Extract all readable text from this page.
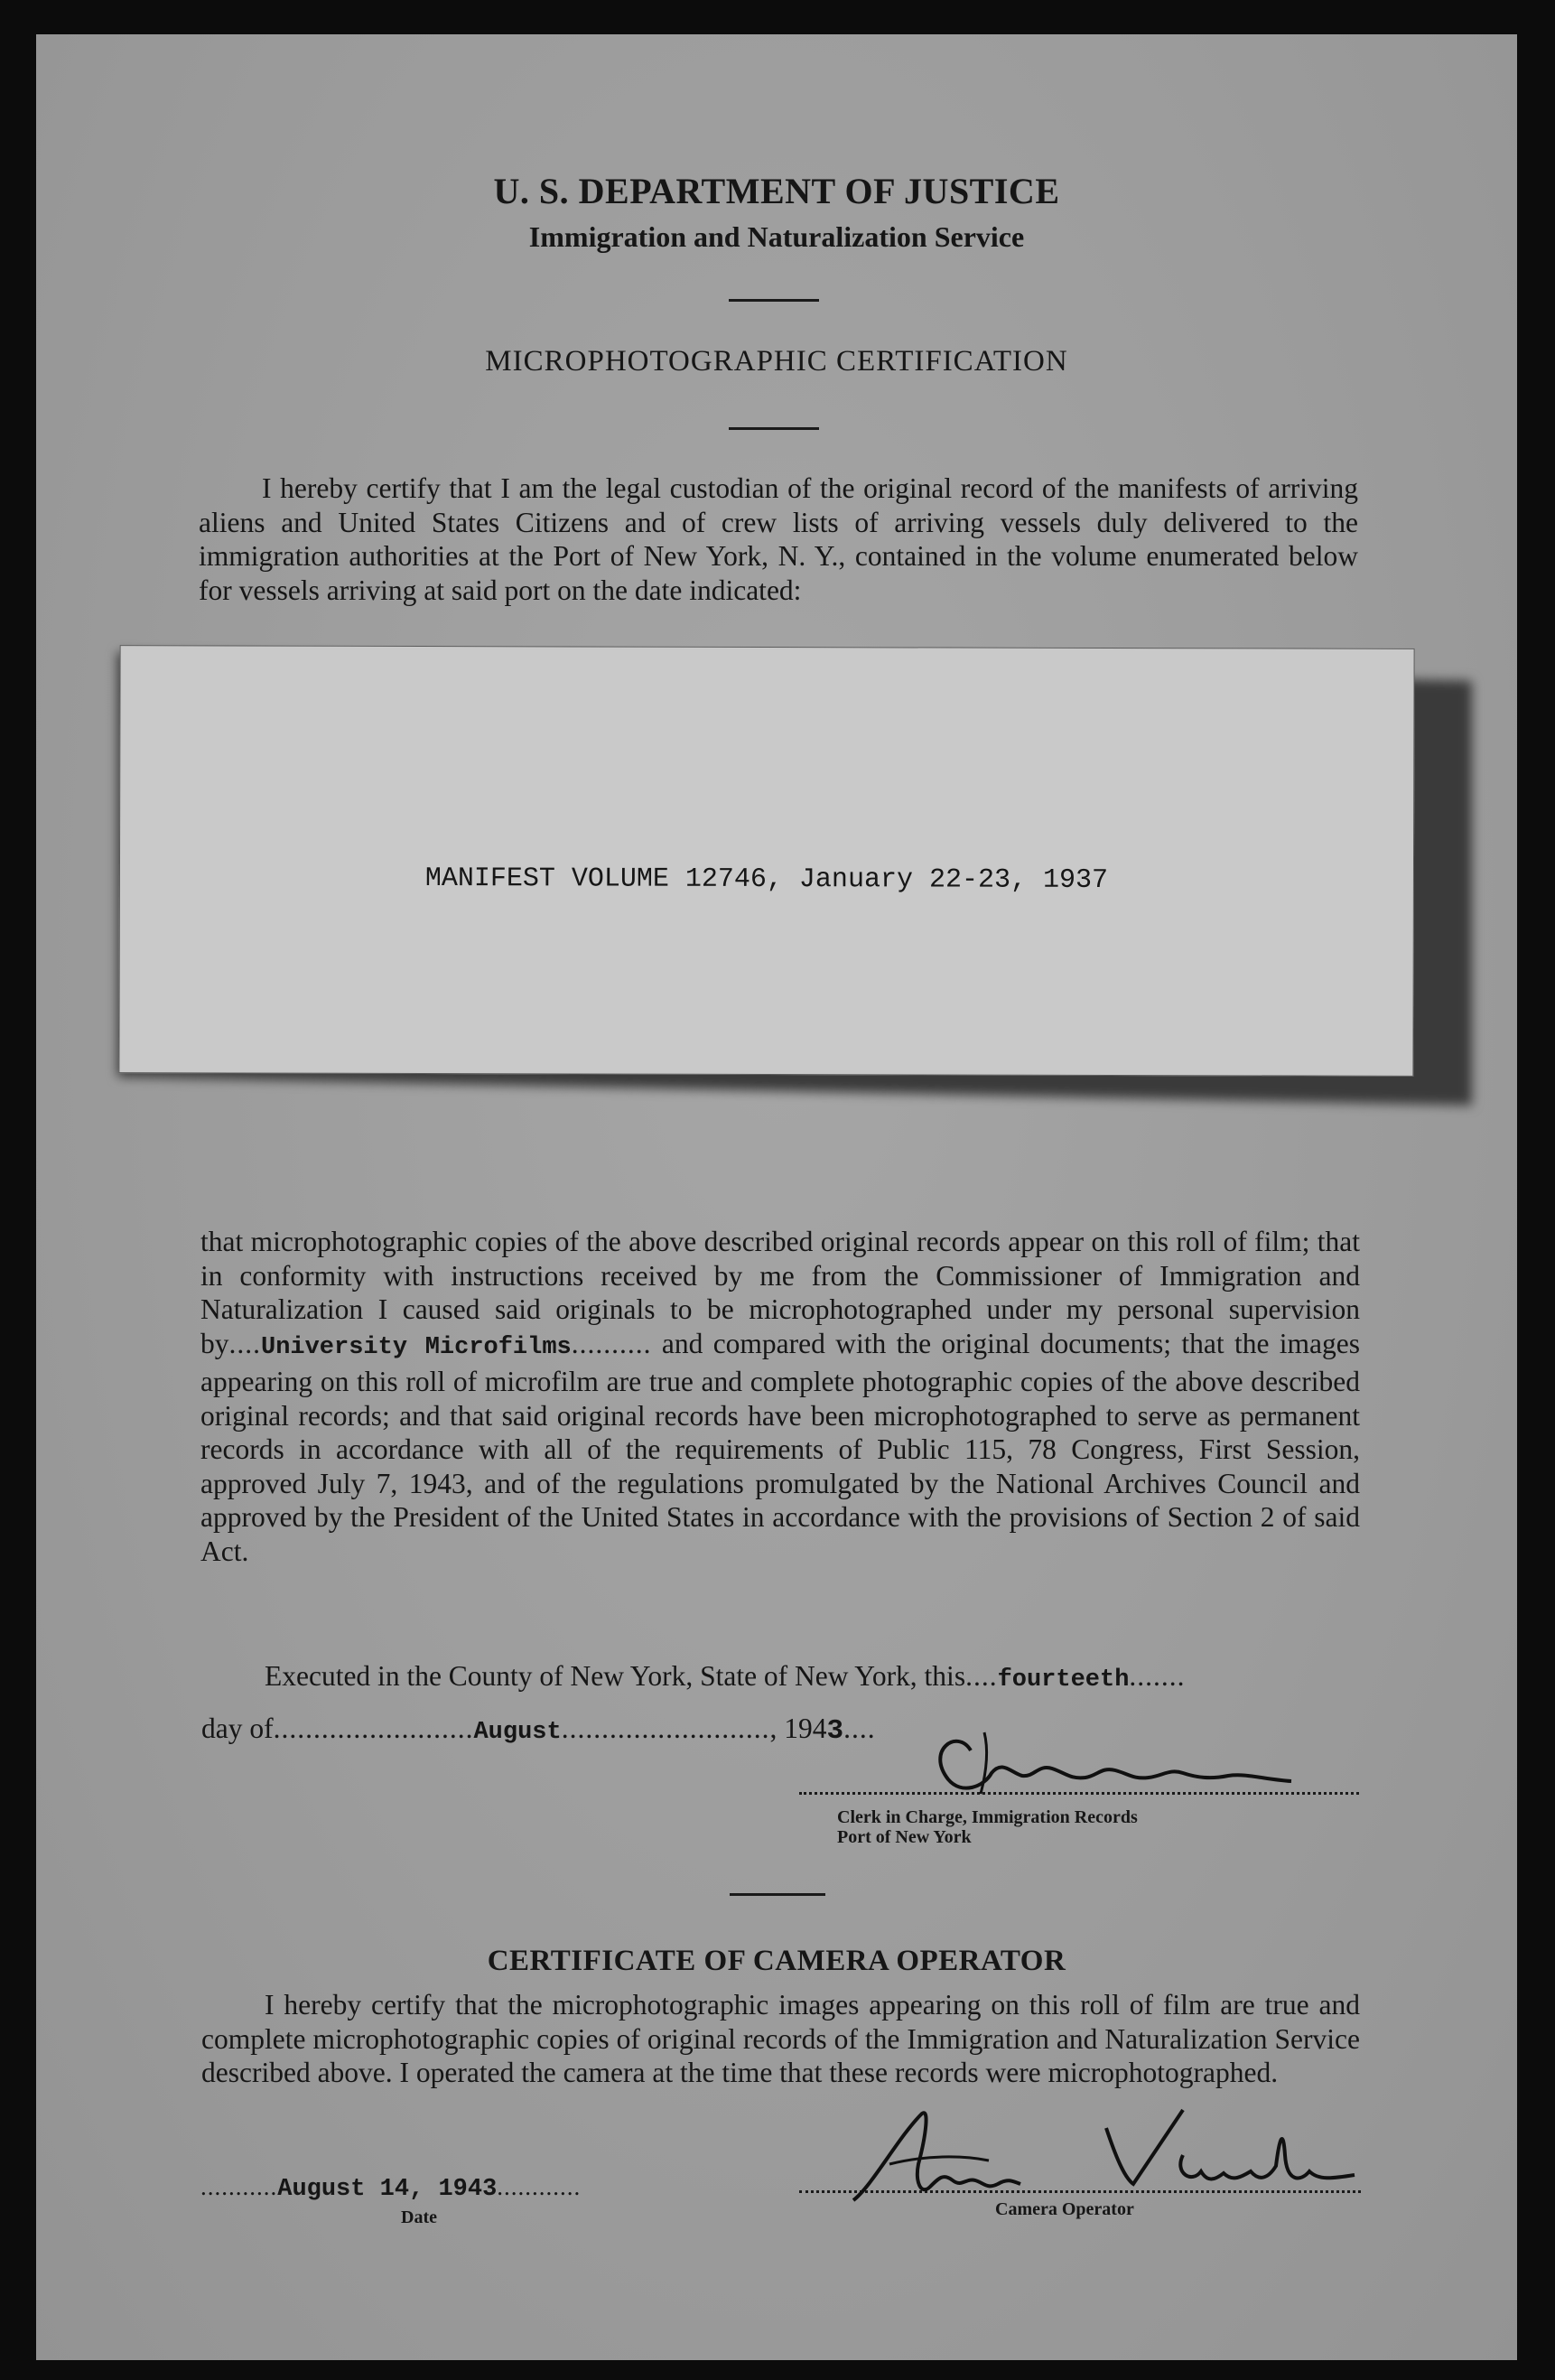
U. S. DEPARTMENT OF JUSTICE
Immigration and Naturalization Service
MICROPHOTOGRAPHIC CERTIFICATION
I hereby certify that I am the legal custodian of the original record of the manifests of arriving aliens and United States Citizens and of crew lists of arriving vessels duly delivered to the immigration authorities at the Port of New York, N. Y., contained in the volume enumerated below for vessels arriving at said port on the date indicated:
MANIFEST VOLUME 12746, January 22-23, 1937
that microphotographic copies of the above described original records appear on this roll of film; that in conformity with instructions received by me from the Commissioner of Immigration and Naturalization I caused said originals to be microphotographed under my personal supervision by....University Microfilms.......... and compared with the original documents; that the images appearing on this roll of microfilm are true and complete photographic copies of the above described original records; and that said original records have been microphotographed to serve as permanent records in accordance with all of the requirements of Public 115, 78 Congress, First Session, approved July 7, 1943, and of the regulations promulgated by the National Archives Council and approved by the President of the United States in accordance with the provisions of Section 2 of said Act.
Executed in the County of New York, State of New York, this....fourteeth.......
day of.........................August.........................., 1943....
Clerk in Charge, Immigration Records
Port of New York
CERTIFICATE OF CAMERA OPERATOR
I hereby certify that the microphotographic images appearing on this roll of film are true and complete microphotographic copies of original records of the Immigration and Naturalization Service described above. I operated the camera at the time that these records were microphotographed.
...........August 14, 1943............
Date	Camera Operator
